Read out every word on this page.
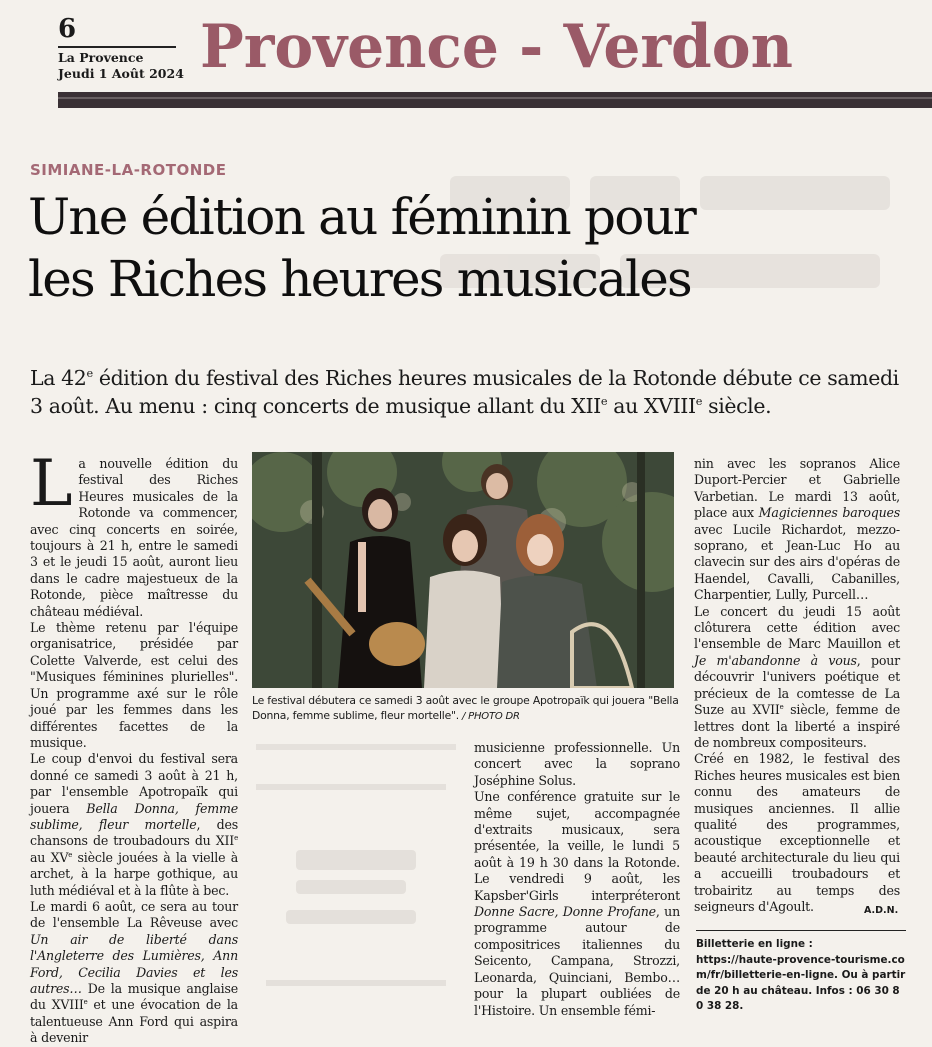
6
La Provence
Jeudi 1 Août 2024 Provence - Verdon
SIMIANE-LA-ROTONDE
Une édition au féminin pour
les Riches heures musicales
La 42e édition du festival des Riches heures musicales de la Rotonde débute ce samedi 3 août. Au menu : cinq concerts de musique allant du XIIe au XVIIIe siècle.

La nouvelle édition du festival des Riches Heures musicales de la Rotonde va commencer, avec cinq concerts en soirée, toujours à 21 h, entre le samedi 3 et le jeudi 15 août, auront lieu dans le cadre majestueux de la Rotonde, pièce maîtresse du château médiéval.

Le thème retenu par l'équipe organisatrice, présidée par Colette Valverde, est celui des "Musiques féminines plurielles". Un programme axé sur le rôle joué par les femmes dans les différentes facettes de la musique.

Le coup d'envoi du festival sera donné ce samedi 3 août à 21 h, par l'ensemble Apotropaïk qui jouera Bella Donna, femme sublime, fleur mortelle, des chansons de troubadours du XIIe au XVe siècle jouées à la vielle à archet, à la harpe gothique, au luth médiéval et à la flûte à bec.

Le mardi 6 août, ce sera au tour de l'ensemble La Rêveuse avec Un air de liberté dans l'Angleterre des Lumières, Ann Ford, Cecilia Davies et les autres… De la musique anglaise du XVIIIe et une évocation de la talentueuse Ann Ford qui aspira à devenir

Le festival débutera ce samedi 3 août avec le groupe Apotropaïk qui jouera "Bella Donna, femme sublime, fleur mortelle". / PHOTO DR

musicienne professionnelle. Un concert avec la soprano Joséphine Solus.

Une conférence gratuite sur le même sujet, accompagnée d'extraits musicaux, sera présentée, la veille, le lundi 5 août à 19 h 30 dans la Rotonde. Le vendredi 9 août, les Kapsber'Girls interpréteront Donne Sacre, Donne Profane, un programme autour de compositrices italiennes du Seicento, Campana, Strozzi, Leonarda, Quinciani, Bembo… pour la plupart oubliées de l'Histoire. Un ensemble fémi-

nin avec les sopranos Alice Duport-Percier et Gabrielle Varbetian. Le mardi 13 août, place aux Magiciennes baroques avec Lucile Richardot, mezzo-soprano, et Jean-Luc Ho au clavecin sur des airs d'opéras de Haendel, Cavalli, Cabanilles, Charpentier, Lully, Purcell…

Le concert du jeudi 15 août clôturera cette édition avec l'ensemble de Marc Mauillon et Je m'abandonne à vous, pour découvrir l'univers poétique et précieux de la comtesse de La Suze au XVIIe siècle, femme de lettres dont la liberté a inspiré de nombreux compositeurs.

Créé en 1982, le festival des Riches heures musicales est bien connu des amateurs de musiques anciennes. Il allie qualité des programmes, acoustique exceptionnelle et beauté architecturale du lieu qui a accueilli troubadours et trobairitz au temps des seigneurs d'Agoult.	A.D.N.
Billetterie en ligne :
https://haute-provence-tourisme.com/fr/billetterie-en-ligne. Ou à partir de 20 h au château. Infos : 06 30 80 38 28.
